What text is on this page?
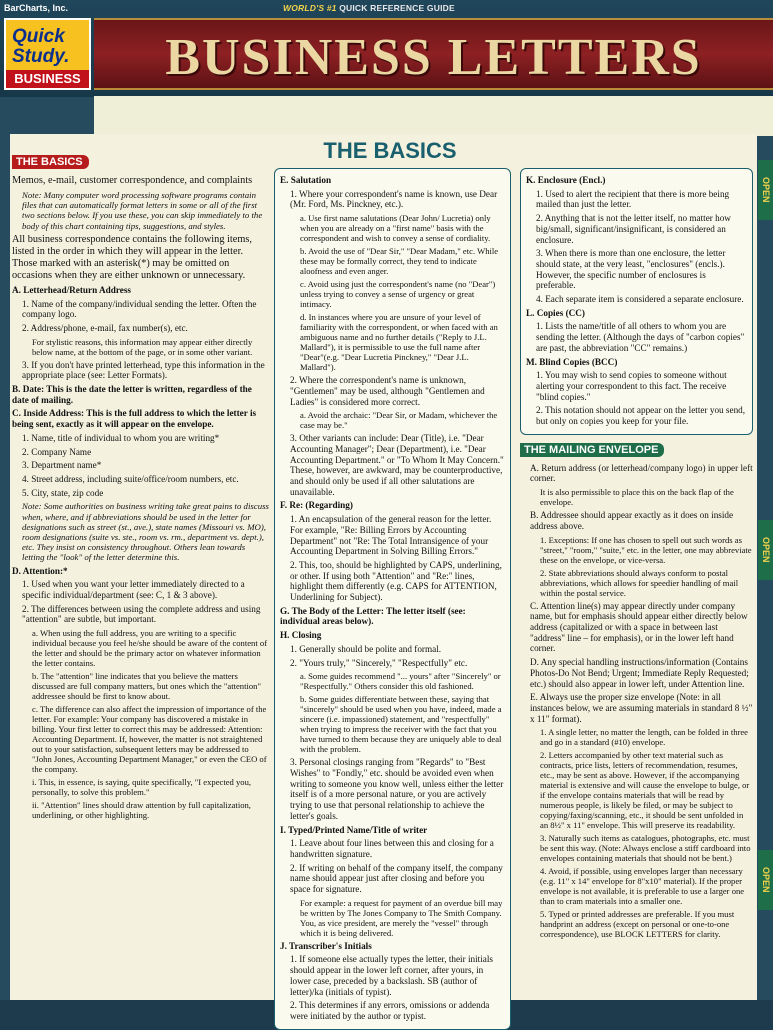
BarCharts, Inc.	WORLD'S #1 QUICK REFERENCE GUIDE
Quick
Study.
BUSINESS	BUSINESS LETTERS
THE BASICS
OPEN
OPEN
OPEN
THE BASICS

Memos, e-mail, customer correspondence, and complaints

Note: Many computer word processing software programs contain files that can automatically format letters in some or all of the first two sections below. If you use these, you can skip immediately to the body of this chart containing tips, suggestions, and styles.

All business correspondence contains the following items, listed in the order in which they will appear in the letter. Those marked with an asterisk(*) may be omitted on occasions when they are either unknown or unnecessary.

A. Letterhead/Return Address

1. Name of the company/individual sending the letter. Often the company logo.

2. Address/phone, e-mail, fax number(s), etc.

For stylistic reasons, this information may appear either directly below name, at the bottom of the page, or in some other variant.

3. If you don't have printed letterhead, type this information in the appropriate place (see: Letter Formats).

B. Date: This is the date the letter is written, regardless of the date of mailing.

C. Inside Address: This is the full address to which the letter is being sent, exactly as it will appear on the envelope.

1. Name, title of individual to whom you are writing*

2. Company Name

3. Department name*

4. Street address, including suite/office/room numbers, etc.

5. City, state, zip code

Note: Some authorities on business writing take great pains to discuss when, where, and if abbreviations should be used in the letter for designations such as street (st., ave.), state names (Missouri vs. MO), room designations (suite vs. ste., room vs. rm., department vs. dept.), etc. They insist on consistency throughout. Others lean towards letting the "look" of the letter determine this.

D. Attention:*

1. Used when you want your letter immediately directed to a specific individual/department (see: C, 1 & 3 above).

2. The differences between using the complete address and using "attention" are subtle, but important.

a. When using the full address, you are writing to a specific individual because you feel he/she should be aware of the content of the letter and should be the primary actor on whatever information the letter contains.

b. The "attention" line indicates that you believe the matters discussed are full company matters, but ones which the "attention" addressee should be first to know about.

c. The difference can also affect the impression of importance of the letter. For example: Your company has discovered a mistake in billing. Your first letter to correct this may be addressed: Attention: Accounting Department. If, however, the matter is not straightened out to your satisfaction, subsequent letters may be addressed to "John Jones, Accounting Department Manager," or even the CEO of the company.

i. This, in essence, is saying, quite specifically, "I expected you, personally, to solve this problem."

ii. "Attention" lines should draw attention by full capitalization, underlining, or other highlighting.

E. Salutation

1. Where your correspondent's name is known, use Dear (Mr. Ford, Ms. Pinckney, etc.).

a. Use first name salutations (Dear John/ Lucretia) only when you are already on a "first name" basis with the correspondent and wish to convey a sense of cordiality.

b. Avoid the use of "Dear Sir," "Dear Madam," etc. While these may be formally correct, they tend to indicate aloofness and even anger.

c. Avoid using just the correspondent's name (no "Dear") unless trying to convey a sense of urgency or great intimacy.

d. In instances where you are unsure of your level of familiarity with the correspondent, or when faced with an ambiguous name and no further details ("Reply to J.L. Mallard"), it is permissible to use the full name after "Dear"(e.g. "Dear Lucretia Pinckney," "Dear J.L. Mallard").

2. Where the correspondent's name is unknown, "Gentlemen" may be used, although "Gentlemen and Ladies" is considered more correct.

a. Avoid the archaic: "Dear Sir, or Madam, whichever the case may be."

3. Other variants can include: Dear (Title), i.e. "Dear Accounting Manager"; Dear (Department), i.e. "Dear Accounting Department." or "To Whom It May Concern." These, however, are awkward, may be counterproductive, and should only be used if all other salutations are unavailable.

F. Re: (Regarding)

1. An encapsulation of the general reason for the letter. For example, "Re: Billing Errors by Accounting Department" not "Re: The Total Intransigence of your Accounting Department in Solving Billing Errors."

2. This, too, should be highlighted by CAPS, underlining, or other. If using both "Attention" and "Re:" lines, highlight them differently (e.g. CAPS for ATTENTION, Underlining for Subject).

G. The Body of the Letter: The letter itself (see: individual areas below).

H. Closing

1. Generally should be polite and formal.

2. "Yours truly," "Sincerely," "Respectfully" etc.

a. Some guides recommend "... yours" after "Sincerely" or "Respectfully." Others consider this old fashioned.

b. Some guides differentiate between these, saying that "sincerely" should be used when you have, indeed, made a sincere (i.e. impassioned) statement, and "respectfully" when trying to impress the receiver with the fact that you have turned to them because they are uniquely able to deal with the problem.

3. Personal closings ranging from "Regards" to "Best Wishes" to "Fondly," etc. should be avoided even when writing to someone you know well, unless either the letter itself is of a more personal nature, or you are actively trying to use that personal relationship to achieve the letter's goals.

I. Typed/Printed Name/Title of writer

1. Leave about four lines between this and closing for a handwritten signature.

2. If writing on behalf of the company itself, the company name should appear just after closing and before you space for signature.

For example: a request for payment of an overdue bill may be written by The Jones Company to The Smith Company. You, as vice president, are merely the "vessel" through which it is being delivered.

J. Transcriber's Initials

1. If someone else actually types the letter, their initials should appear in the lower left corner, after yours, in lower case, preceded by a backslash. SB (author of letter)/ka (initials of typist).

2. This determines if any errors, omissions or addenda were initiated by the author or typist.

K. Enclosure (Encl.)

1. Used to alert the recipient that there is more being mailed than just the letter.

2. Anything that is not the letter itself, no matter how big/small, significant/insignificant, is considered an enclosure.

3. When there is more than one enclosure, the letter should state, at the very least, "enclosures" (encls.). However, the specific number of enclosures is preferable.

4. Each separate item is considered a separate enclosure.

L. Copies (CC)

1. Lists the name/title of all others to whom you are sending the letter. (Although the days of "carbon copies" are past, the abbreviation "CC" remains.)

M. Blind Copies (BCC)

1. You may wish to send copies to someone without alerting your correspondent to this fact. The receive "blind copies."

2. This notation should not appear on the letter you send, but only on copies you keep for your file.

THE MAILING ENVELOPE

A. Return address (or letterhead/company logo) in upper left corner.

It is also permissible to place this on the back flap of the envelope.

B. Addressee should appear exactly as it does on inside address above.

1. Exceptions: If one has chosen to spell out such words as "street," "room," "suite," etc. in the letter, one may abbreviate these on the envelope, or vice-versa.

2. State abbreviations should always conform to postal abbreviations, which allows for speedier handling of mail within the postal service.

C. Attention line(s) may appear directly under company name, but for emphasis should appear either directly below address (capitalized or with a space in between last "address" line – for emphasis), or in the lower left hand corner.

D. Any special handling instructions/information (Contains Photos-Do Not Bend; Urgent; Immediate Reply Requested; etc.) should also appear in lower left, under Attention line.

E. Always use the proper size envelope (Note: in all instances below, we are assuming materials in standard 8 ½" x 11" format).

1. A single letter, no matter the length, can be folded in three and go in a standard (#10) envelope.

2. Letters accompanied by other text material such as contracts, price lists, letters of recommendation, resumes, etc., may be sent as above. However, if the accompanying material is extensive and will cause the envelope to bulge, or if the envelope contains materials that will be read by numerous people, is likely be filed, or may be subject to copying/faxing/scanning, etc., it should be sent unfolded in an 8½" x 11" envelope. This will preserve its readability.

3. Naturally such items as catalogues, photographs, etc. must be sent this way. (Note: Always enclose a stiff cardboard into envelopes containing materials that should not be bent.)

4. Avoid, if possible, using envelopes larger than necessary (e.g. 11" x 14" envelope for 8"x10" material). If the proper envelope is not available, it is preferable to use a larger one than to cram materials into a smaller one.

5. Typed or printed addresses are preferable. If you must handprint an address (except on personal or one-to-one correspondence), use BLOCK LETTERS for clarity.
